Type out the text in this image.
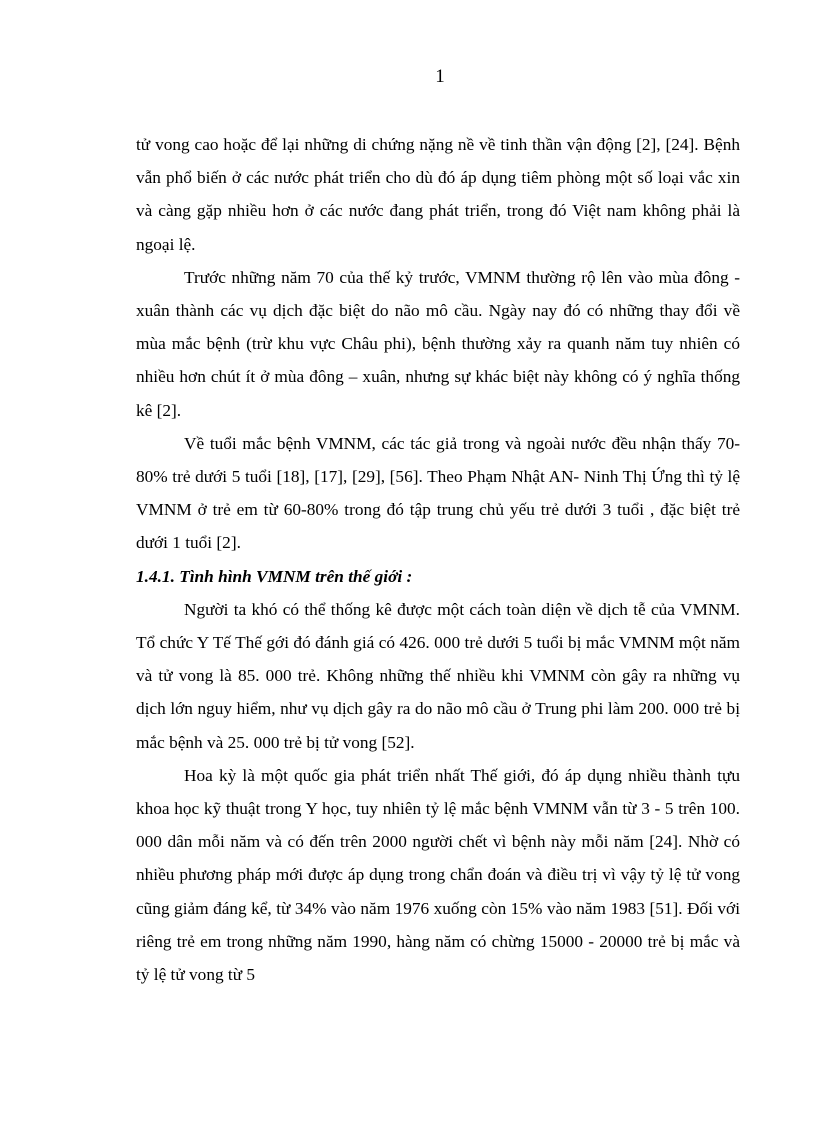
1

tử vong cao hoặc để lại những di chứng nặng nề về tinh thần vận động [2], [24]. Bệnh vẫn phổ biến ở các nước phát triển cho dù đó áp dụng tiêm phòng một số loại vắc xin và càng gặp nhiều hơn ở các nước đang phát triển, trong đó Việt nam không phải là ngoại lệ.

Trước những năm 70 của thế kỷ trước, VMNM thường rộ lên vào mùa đông - xuân thành các vụ dịch đặc biệt do não mô cầu. Ngày nay đó có những thay đổi về mùa mắc bệnh (trừ khu vực Châu phi), bệnh thường xảy ra quanh năm tuy nhiên có nhiều hơn chút ít ở mùa đông – xuân, nhưng sự khác biệt này không có ý nghĩa thống kê [2].

Về tuổi mắc bệnh VMNM, các tác giả trong và ngoài nước đều nhận thấy 70-80% trẻ dưới 5 tuổi [18], [17], [29], [56]. Theo Phạm Nhật AN- Ninh Thị Ứng thì tỷ lệ VMNM ở trẻ em từ 60-80% trong đó tập trung chủ yếu trẻ dưới 3 tuổi , đặc biệt trẻ dưới 1 tuổi [2].

1.4.1. Tình hình VMNM trên thế giới :

Người ta khó có thể thống kê được một cách toàn diện về dịch tễ của VMNM. Tổ chức Y Tế Thế gới đó đánh giá có 426. 000 trẻ dưới 5 tuổi bị mắc VMNM một năm và tử vong là 85. 000 trẻ. Không những thế nhiều khi VMNM còn gây ra những vụ dịch lớn nguy hiểm, như vụ dịch gây ra do não mô cầu ở Trung phi làm 200. 000 trẻ bị mắc bệnh và 25. 000 trẻ bị tử vong [52].

Hoa kỳ là một quốc gia phát triển nhất Thế giới, đó áp dụng nhiều thành tựu khoa học kỹ thuật trong Y học, tuy nhiên tỷ lệ mắc bệnh VMNM vẫn từ 3 - 5 trên 100. 000 dân mỗi năm và có đến trên 2000 người chết vì bệnh này mỗi năm [24]. Nhờ có nhiều phương pháp mới được áp dụng trong chẩn đoán và điều trị vì vậy tỷ lệ tử vong cũng giảm đáng kể, từ 34% vào năm 1976 xuống còn 15% vào năm 1983 [51]. Đối với riêng trẻ em trong những năm 1990, hàng năm có chừng 15000 - 20000 trẻ bị mắc và tỷ lệ tử vong từ 5
